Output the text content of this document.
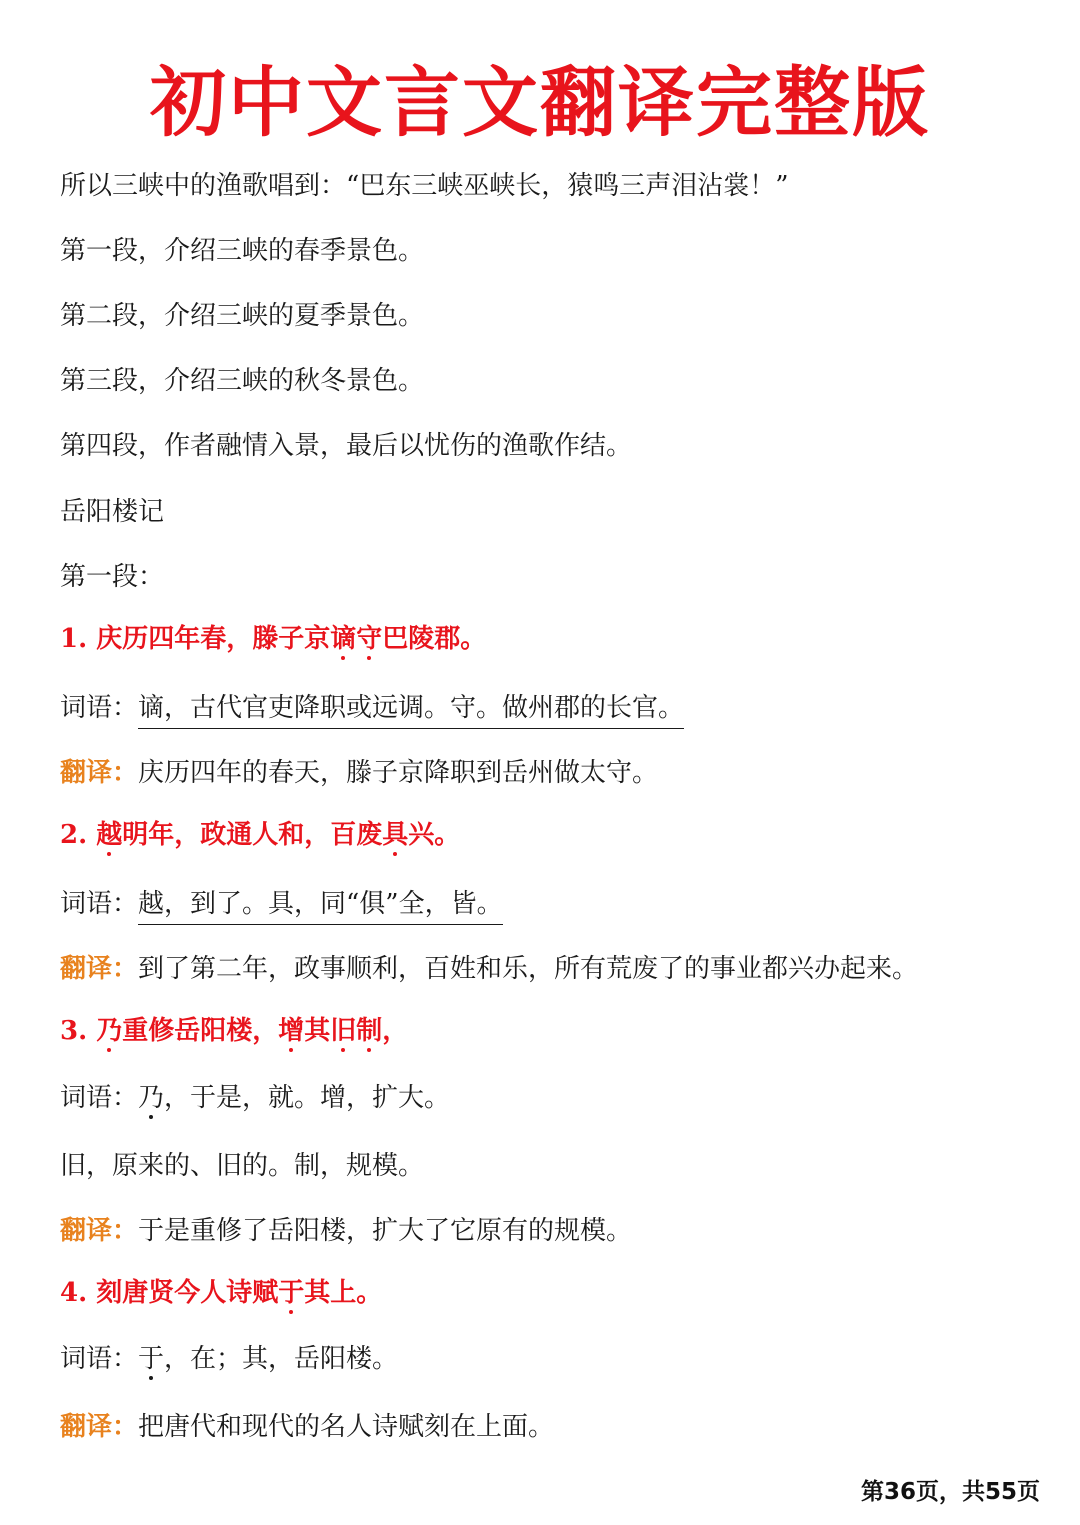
初中文言文翻译完整版
所以三峡中的渔歌唱到：“巴东三峡巫峡长，猿鸣三声泪沾裳！”
第一段，介绍三峡的春季景色。
第二段，介绍三峡的夏季景色。
第三段，介绍三峡的秋冬景色。
第四段，作者融情入景，最后以忧伤的渔歌作结。
岳阳楼记
第一段：
1. 庆历四年春，滕子京谪守巴陵郡。
词语：谪，古代官吏降职或远调。守。做州郡的长官。
翻译：庆历四年的春天，滕子京降职到岳州做太守。
2. 越明年，政通人和，百废具兴。
词语：越，到了。具，同“俱”全，皆。
翻译：到了第二年，政事顺利，百姓和乐，所有荒废了的事业都兴办起来。
3. 乃重修岳阳楼，增其旧制，
词语：乃，于是，就。增，扩大。
旧，原来的、旧的。制，规模。
翻译：于是重修了岳阳楼，扩大了它原有的规模。
4. 刻唐贤今人诗赋于其上。
词语：于，在；其，岳阳楼。
翻译：把唐代和现代的名人诗赋刻在上面。
第36页，共55页
